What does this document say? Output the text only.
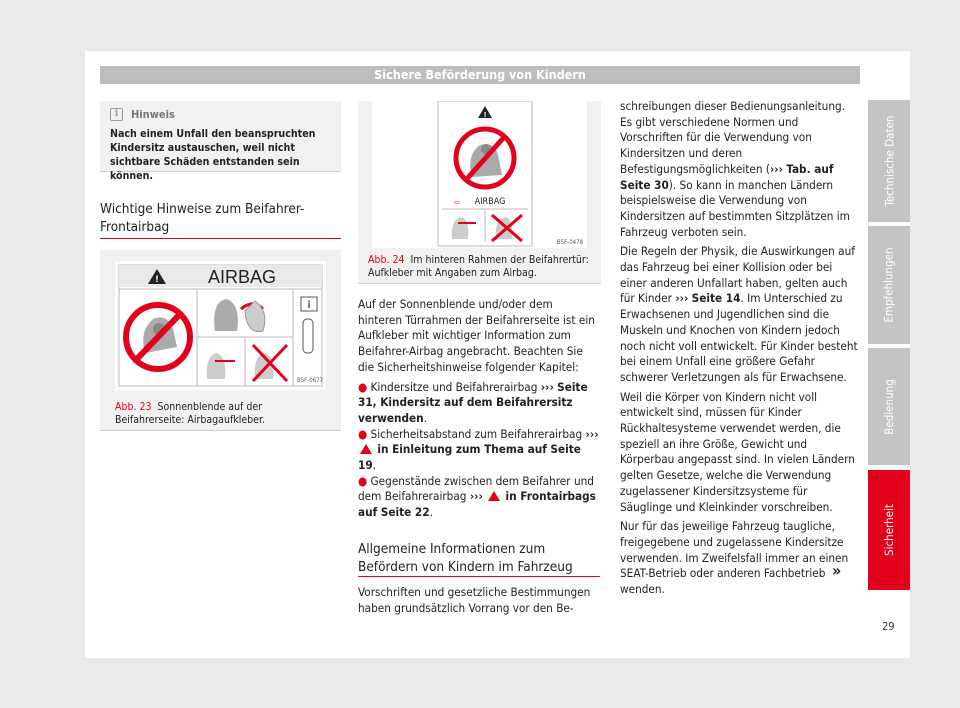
Sichere Beförderung von Kindern
Technische Daten
Empfehlungen
Bedienung
Sicherheit
i	Hinweis
Nach einem Unfall den beanspruchten Kindersitz austauschen, weil nicht sichtbare Schäden entstanden sein können.
Wichtige Hinweise zum Beifahrer-Frontairbag
!	AIRBAG
i
B5F-0677
Abb. 23 Sonnenblende auf der Beifahrerseite: Airbagaufkleber.
!
▭ AIRBAG
B5F-0478
Abb. 24 Im hinteren Rahmen der Beifahrertür: Aufkleber mit Angaben zum Airbag.

Auf der Sonnenblende und/oder dem hinteren Türrahmen der Beifahrerseite ist ein Aufkleber mit wichtiger Information zum Beifahrer-Airbag angebracht. Beachten Sie die Sicherheitshinweise folgender Kapitel:

● Kindersitze und Beifahrerairbag ››› Seite 31, Kindersitz auf dem Beifahrersitz verwenden.

● Sicherheitsabstand zum Beifahrerairbag ›››  in Einleitung zum Thema auf Seite 19.

● Gegenstände zwischen dem Beifahrer und dem Beifahrerairbag ››› in Frontairbags auf Seite 22.

Allgemeine Informationen zum Befördern von Kindern im Fahrzeug
Vorschriften und gesetzliche Bestimmungen haben grundsätzlich Vorrang vor den Be-

schreibungen dieser Bedienungsanleitung. Es gibt verschiedene Normen und Vorschriften für die Verwendung von Kindersitzen und deren Befestigungsmöglichkeiten (››› Tab. auf Seite 30). So kann in manchen Ländern beispielsweise die Verwendung von Kindersitzen auf bestimmten Sitzplätzen im Fahrzeug verboten sein.

Die Regeln der Physik, die Auswirkungen auf das Fahrzeug bei einer Kollision oder bei einer anderen Unfallart haben, gelten auch für Kinder ››› Seite 14. Im Unterschied zu Erwachsenen und Jugendlichen sind die Muskeln und Knochen von Kindern jedoch noch nicht voll entwickelt. Für Kinder besteht bei einem Unfall eine größere Gefahr schwerer Verletzungen als für Erwachsene.

Weil die Körper von Kindern nicht voll entwickelt sind, müssen für Kinder Rückhaltesysteme verwendet werden, die speziell an ihre Größe, Gewicht und Körperbau angepasst sind. In vielen Ländern gelten Gesetze, welche die Verwendung zugelassener Kindersitzsysteme für Säuglinge und Kleinkinder vorschreiben.

Nur für das jeweilige Fahrzeug taugliche, freigegebene und zugelassene Kindersitze verwenden. Im Zweifelsfall immer an einen SEAT-Betrieb oder anderen Fachbetrieb wenden.

»
29
